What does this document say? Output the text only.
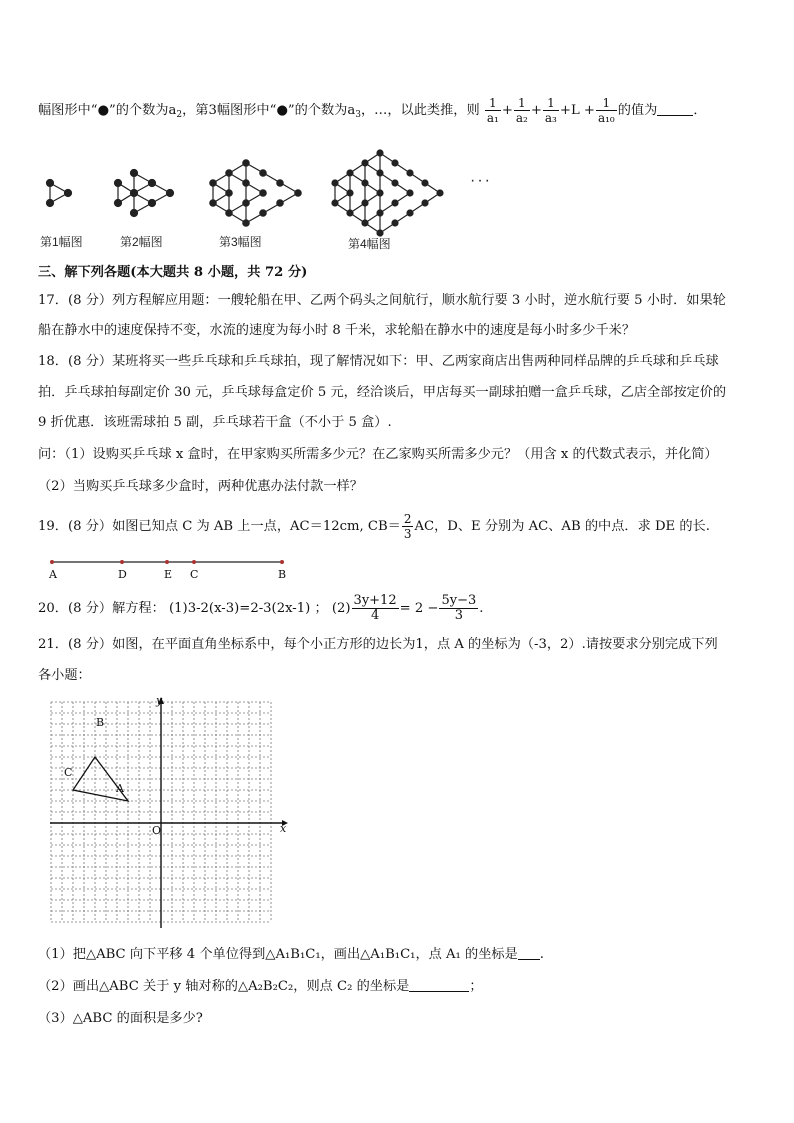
幅图形中“●”的个数为$a_2$，第3幅图形中“●”的个数为$a_3$，…，以此类推，则 $\frac{1}{\text{a₁}} + \frac{1}{\text{a₂}} + \frac{1}{\text{a₃}} +L + \frac{1}{\text{a₁₀}}$ 的值为	．
···
第1幅图	第2幅图	第3幅图	第4幅图
三、解下列各题(本大题共 8 小题，共 72 分)
17．(8 分）列方程解应用题：一艘轮船在甲、乙两个码头之间航行，顺水航行要 3 小时，逆水航行要 5 小时．如果轮
船在静水中的速度保持不变，水流的速度为每小时 8 千米，求轮船在静水中的速度是每小时多少千米？
18．(8 分）某班将买一些乒乓球和乒乓球拍，现了解情况如下：甲、乙两家商店出售两种同样品牌的乒乓球和乒乓球
拍．乒乓球拍每副定价 30 元，乒乓球每盒定价 5 元，经洽谈后，甲店每买一副球拍赠一盒乒乓球，乙店全部按定价的
9 折优惠．该班需球拍 5 副，乒乓球若干盒（不小于 5 盒）.
问：（1）设购买乒乓球 x 盒时，在甲家购买所需多少元？在乙家购买所需多少元？（用含 x 的代数式表示，并化简）
（2）当购买乒乓球多少盒时，两种优惠办法付款一样？
19．(8 分）如图已知点 C 为 AB 上一点，AC＝12cm, $CB= \frac{2}{3}$ AC，D、E 分别为 AC、AB 的中点．求 DE 的长.
A	D	E C	B
20．(8 分）解方程： (1)3-2(x-3)=2-3(2x-1) ； $(2) \frac{3y+12}{4} = 2 - \frac{5y-3}{3}$ .
21．(8 分）如图，在平面直角坐标系中，每个小正方形的边长为1，点 A 的坐标为（-3，2）.请按要求分别完成下列
各小题：
y
x
O
A
B
C
（1）把△ABC 向下平移 4 个单位得到△A₁B₁C₁，画出△A₁B₁C₁，点 A₁ 的坐标是 .
（2）画出△ABC 关于 y 轴对称的△A₂B₂C₂，则点 C₂ 的坐标是	；
（3）△ABC 的面积是多少?
